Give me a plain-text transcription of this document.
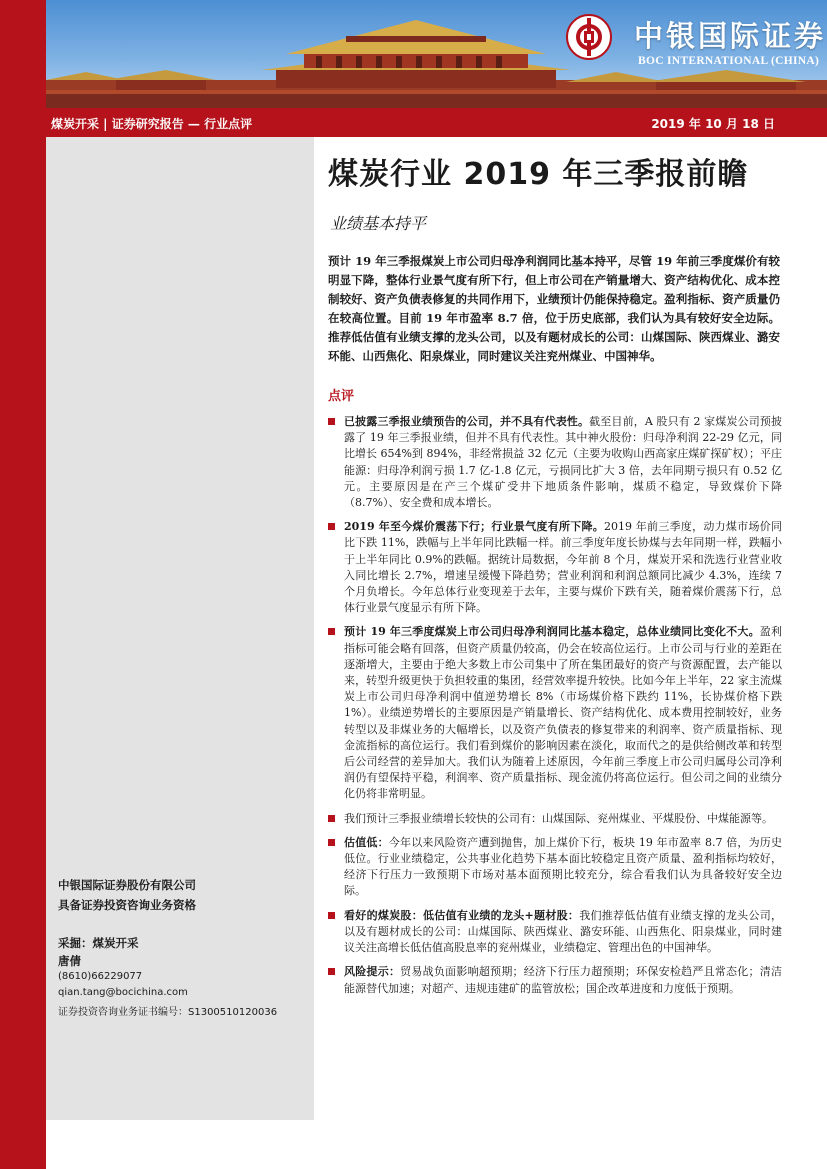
中银国际证券
BOC INTERNATIONAL (CHINA)
煤炭开采 | 证券研究报告 — 行业点评	2019 年 10 月 18 日
中银国际证券股份有限公司
具备证券投资咨询业务资格
采掘：煤炭开采
唐倩
(8610)66229077
qian.tang@bocichina.com
证券投资咨询业务证书编号：S1300510120036
煤炭行业 2019 年三季报前瞻
业绩基本持平
预计 19 年三季报煤炭上市公司归母净利润同比基本持平，尽管 19 年前三季度煤价有较明显下降，整体行业景气度有所下行，但上市公司在产销量增大、资产结构优化、成本控制较好、资产负债表修复的共同作用下，业绩预计仍能保持稳定。盈利指标、资产质量仍在较高位置。目前 19 年市盈率 8.7 倍，位于历史底部，我们认为具有较好安全边际。推荐低估值有业绩支撑的龙头公司，以及有题材成长的公司：山煤国际、陕西煤业、潞安环能、山西焦化、阳泉煤业，同时建议关注兖州煤业、中国神华。
点评
已披露三季报业绩预告的公司，并不具有代表性。截至目前，A 股只有 2 家煤炭公司预披露了 19 年三季报业绩，但并不具有代表性。其中神火股份：归母净利润 22-29 亿元，同比增长 654%到 894%，非经常损益 32 亿元（主要为收购山西高家庄煤矿探矿权）；平庄能源：归母净利润亏损 1.7 亿-1.8 亿元，亏损同比扩大 3 倍，去年同期亏损只有 0.52 亿元。主要原因是在产三个煤矿受井下地质条件影响，煤质不稳定，导致煤价下降（8.7%）、安全费和成本增长。
2019 年至今煤价震荡下行；行业景气度有所下降。2019 年前三季度，动力煤市场价同比下跌 11%，跌幅与上半年同比跌幅一样。前三季度年度长协煤与去年同期一样，跌幅小于上半年同比 0.9%的跌幅。据统计局数据，今年前 8 个月，煤炭开采和洗选行业营业收入同比增长 2.7%，增速呈缓慢下降趋势；营业利润和利润总额同比减少 4.3%，连续 7 个月负增长。今年总体行业变现差于去年，主要与煤价下跌有关，随着煤价震荡下行，总体行业景气度显示有所下降。
预计 19 年三季度煤炭上市公司归母净利润同比基本稳定，总体业绩同比变化不大。盈利指标可能会略有回落，但资产质量仍较高，仍会在较高位运行。上市公司与行业的差距在逐渐增大，主要由于绝大多数上市公司集中了所在集团最好的资产与资源配置，去产能以来，转型升级更快于负担较重的集团，经营效率提升较快。比如今年上半年，22 家主流煤炭上市公司归母净利润中值逆势增长 8%（市场煤价格下跌约 11%，长协煤价格下跌 1%）。业绩逆势增长的主要原因是产销量增长、资产结构优化、成本费用控制较好，业务转型以及非煤业务的大幅增长，以及资产负债表的修复带来的利润率、资产质量指标、现金流指标的高位运行。我们看到煤价的影响因素在淡化，取而代之的是供给侧改革和转型后公司经营的差异加大。我们认为随着上述原因，今年前三季度上市公司归属母公司净利润仍有望保持平稳，利润率、资产质量指标、现金流仍将高位运行。但公司之间的业绩分化仍将非常明显。
我们预计三季报业绩增长较快的公司有：山煤国际、兖州煤业、平煤股份、中煤能源等。
估值低：今年以来风险资产遭到抛售，加上煤价下行，板块 19 年市盈率 8.7 倍，为历史低位。行业业绩稳定，公共事业化趋势下基本面比较稳定且资产质量、盈利指标均较好，经济下行压力一致预期下市场对基本面预期比较充分，综合看我们认为具备较好安全边际。
看好的煤炭股：低估值有业绩的龙头+题材股：我们推荐低估值有业绩支撑的龙头公司，以及有题材成长的公司：山煤国际、陕西煤业、潞安环能、山西焦化、阳泉煤业，同时建议关注高增长低估值高股息率的兖州煤业，业绩稳定、管理出色的中国神华。
风险提示：贸易战负面影响超预期；经济下行压力超预期；环保安检趋严且常态化；清洁能源替代加速；对超产、违规违建矿的监管放松；国企改革进度和力度低于预期。
